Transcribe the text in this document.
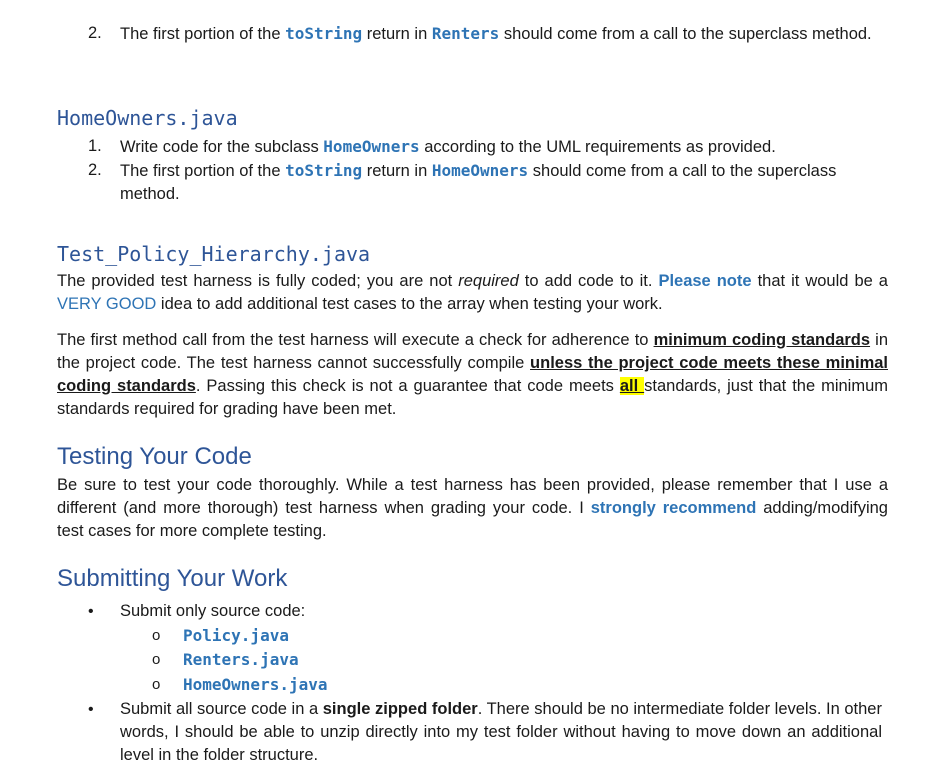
2.	The first portion of the toString return in Renters should come from a call to the superclass method.

HomeOwners.java
1.	Write code for the subclass HomeOwners according to the UML requirements as provided.

2.	The first portion of the toString return in HomeOwners should come from a call to the superclass method.

Test_Policy_Hierarchy.java

The provided test harness is fully coded; you are not required to add code to it. Please note that it would be a VERY GOOD idea to add additional test cases to the array when testing your work.

The first method call from the test harness will execute a check for adherence to minimum coding standards in the project code. The test harness cannot successfully compile unless the project code meets these minimal coding standards. Passing this check is not a guarantee that code meets all standards, just that the minimum standards required for grading have been met.

Testing Your Code

Be sure to test your code thoroughly. While a test harness has been provided, please remember that I use a different (and more thorough) test harness when grading your code. I strongly recommend adding/modifying test cases for more complete testing.

Submitting Your Work
• Submit only source code:

o Policy.java

o Renters.java

o HomeOwners.java

• Submit all source code in a single zipped folder. There should be no intermediate folder levels. In other words, I should be able to unzip directly into my test folder without having to move down an additional level in the folder structure.
